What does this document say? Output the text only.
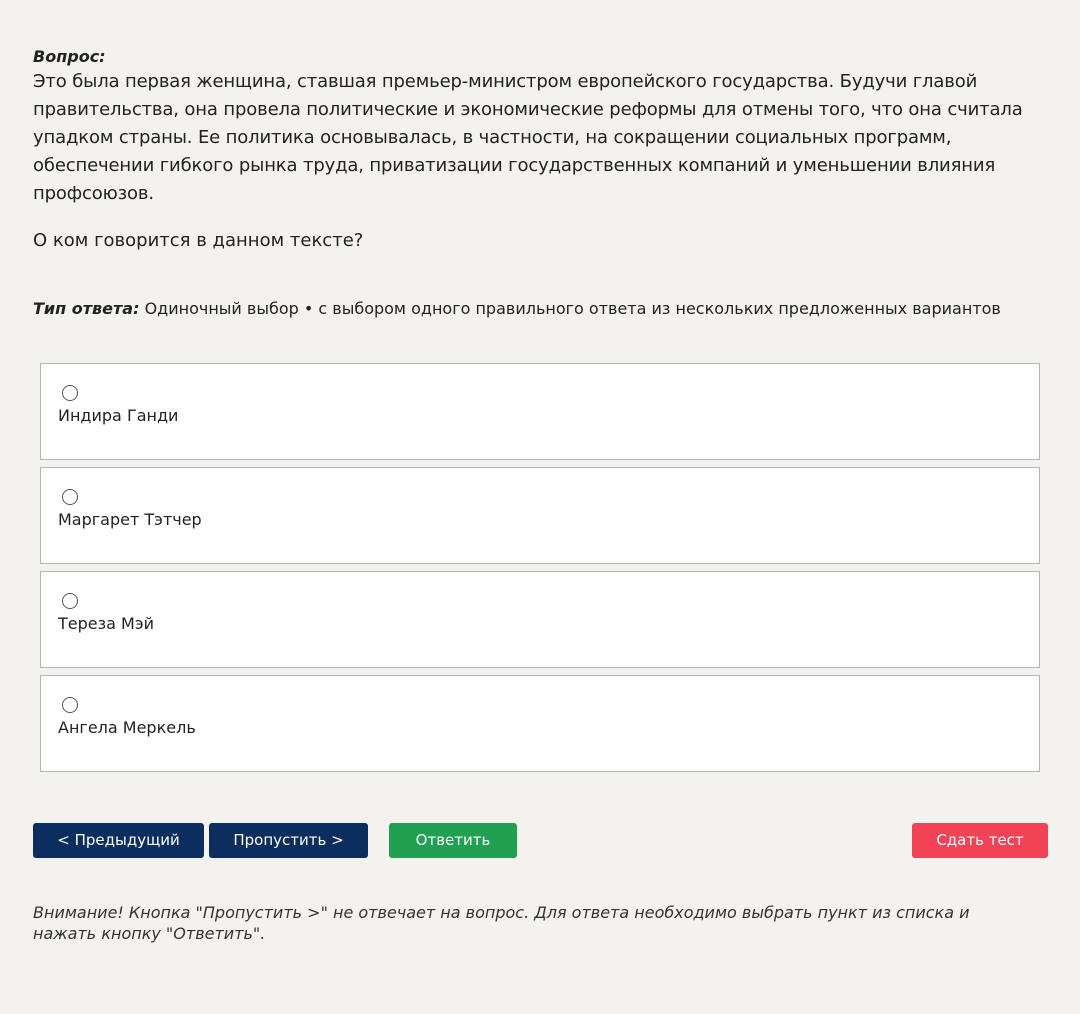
Вопрос:

Это была первая женщина, ставшая премьер-министром европейского государства. Будучи главой правительства, она провела политические и экономические реформы для отмены того, что она считала упадком страны. Ее политика основывалась, в частности, на сокращении социальных программ, обеспечении гибкого рынка труда, приватизации государственных компаний и уменьшении влияния профсоюзов.

О ком говорится в данном тексте?

Тип ответа: Одиночный выбор • с выбором одного правильного ответа из нескольких предложенных вариантов

Индира Ганди
Маргарет Тэтчер
Тереза Мэй
Ангела Меркель
< Предыдущий	Пропустить >	Ответить	Сдать тест
Внимание! Кнопка "Пропустить >" не отвечает на вопрос. Для ответа необходимо выбрать пункт из списка и нажать кнопку "Ответить".
